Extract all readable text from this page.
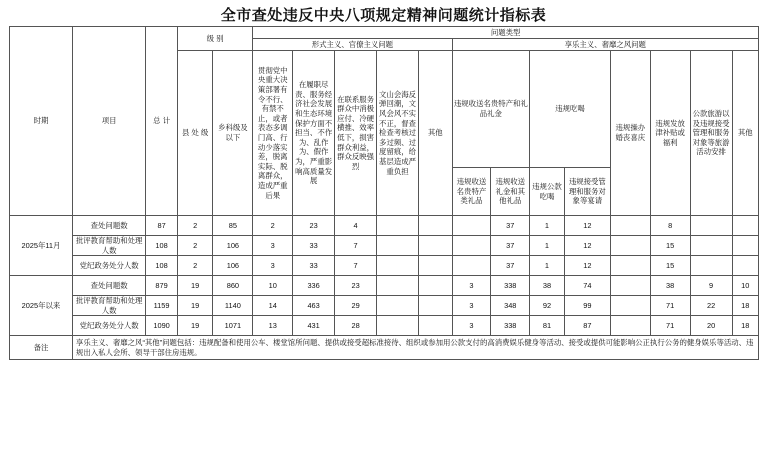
全市查处违反中央八项规定精神问题统计指标表
时期	项目	总 计	级 别		问题类型												
					形式主义、官僚主义问题					享乐主义、奢靡之风问题							
			县 处 级	乡科级及以下	贯彻党中央重大决策部署有令不行、有禁不止，或者表态多调门高、行动少落实差，脱离实际、脱离群众，造成严重后果	在履职尽责、服务经济社会发展和生态环境保护方面不担当、不作为、乱作为、假作为，严重影响高质量发展	在联系服务群众中消极应付、冷硬横推、效率低下，损害群众利益，群众反映强烈	文山会海反弹回潮，文风会风不实不正，督查检查考核过多过频、过度留痕，给基层造成严重负担	其他	违规收送名贵特产和礼品礼金		违规吃喝		违规操办婚丧喜庆	违规发放津补贴或福利	公款旅游以及违规接受管理和服务对象等旅游活动安排	其他
										违规收送名贵特产类礼品	违规收送礼金和其他礼品	违规公款吃喝	违规接受管理和服务对象等宴请				
2025年11月	查处问题数	87	2	85	2	23	4				37	1	12		8		
	批评教育帮助和处理人数	108	2	106	3	33	7				37	1	12		15		
	党纪政务处分人数	108	2	106	3	33	7				37	1	12		15		
2025年以来	查处问题数	879	19	860	10	336	23			3	338	38	74		38	9	10
	批评教育帮助和处理人数	1159	19	1140	14	463	29			3	348	92	99		71	22	18
	党纪政务处分人数	1090	19	1071	13	431	28			3	338	81	87		71	20	18
备注	享乐主义、奢靡之风“其他”问题包括：违规配备和使用公车、楼堂馆所问题、提供或接受超标准接待、组织或参加用公款支付的高消费娱乐健身等活动、接受或提供可能影响公正执行公务的健身娱乐等活动、违规出入私人会所、领导干部住房违规。																
